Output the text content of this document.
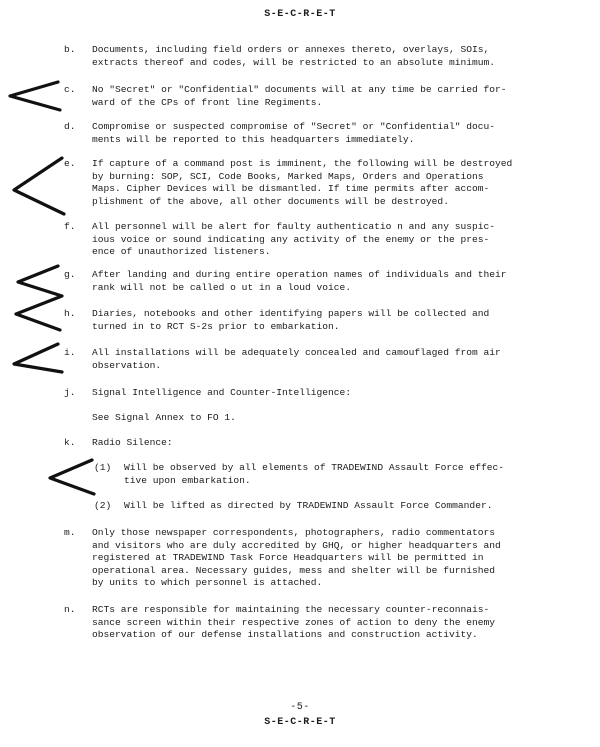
S-E-C-R-E-T
b.	Documents, including field orders or annexes thereto, overlays, SOIs,
extracts thereof and codes, will be restricted to an absolute minimum.
c.	No "Secret" or "Confidential" documents will at any time be carried for-
ward of the CPs of front line Regiments.
d.	Compromise or suspected compromise of "Secret" or "Confidential" docu-
ments will be reported to this headquarters immediately.
e.	If capture of a command post is imminent, the following will be destroyed
by burning: SOP, SCI, Code Books, Marked Maps, Orders and Operations
Maps. Cipher Devices will be dismantled. If time permits after accom-
plishment of the above, all other documents will be destroyed.
f.	All personnel will be alert for faulty authenticatio n and any suspic-
ious voice or sound indicating any activity of the enemy or the pres-
ence of unauthorized listeners.
g.	After landing and during entire operation names of individuals and their
rank will not be called o ut in a loud voice.
h.	Diaries, notebooks and other identifying papers will be collected and
turned in to RCT S-2s prior to embarkation.
i.	All installations will be adequately concealed and camouflaged from air
observation.
j.	Signal Intelligence and Counter-Intelligence:
See Signal Annex to FO 1.
k.	Radio Silence:
(1)	Will be observed by all elements of TRADEWIND Assault Force effec-
tive upon embarkation.
(2)	Will be lifted as directed by TRADEWIND Assault Force Commander.
m.	Only those newspaper correspondents, photographers, radio commentators
and visitors who are duly accredited by GHQ, or higher headquarters and
registered at TRADEWIND Task Force Headquarters will be permitted in
operational area. Necessary guides, mess and shelter will be furnished
by units to which personnel is attached.
n.	RCTs are responsible for maintaining the necessary counter-reconnais-
sance screen within their respective zones of action to deny the enemy
observation of our defense installations and construction activity.
-5-
S-E-C-R-E-T
